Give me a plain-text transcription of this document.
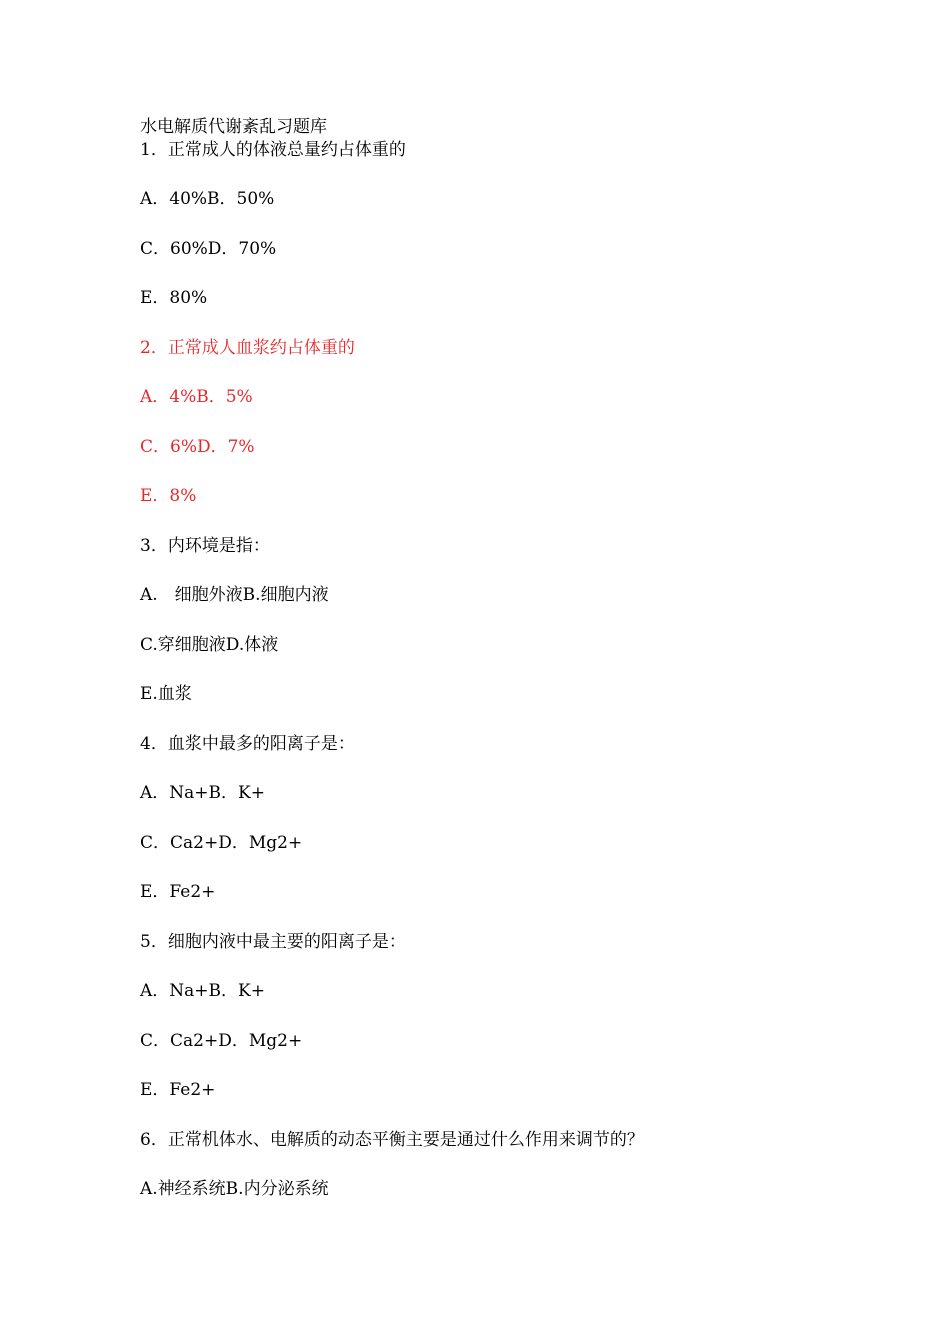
水电解质代谢紊乱习题库
1．正常成人的体液总量约占体重的
A．40%B．50%
C．60%D．70%
E．80%
2．正常成人血浆约占体重的
A．4%B．5%
C．6%D．7%
E．8%
3．内环境是指：
A.　细胞外液B.细胞内液
C.穿细胞液D.体液
E.血浆
4．血浆中最多的阳离子是：
A．Na+B．K+
C．Ca2+D．Mg2+
E．Fe2+
5．细胞内液中最主要的阳离子是：
A．Na+B．K+
C．Ca2+D．Mg2+
E．Fe2+
6．正常机体水、电解质的动态平衡主要是通过什么作用来调节的？
A.神经系统B.内分泌系统
